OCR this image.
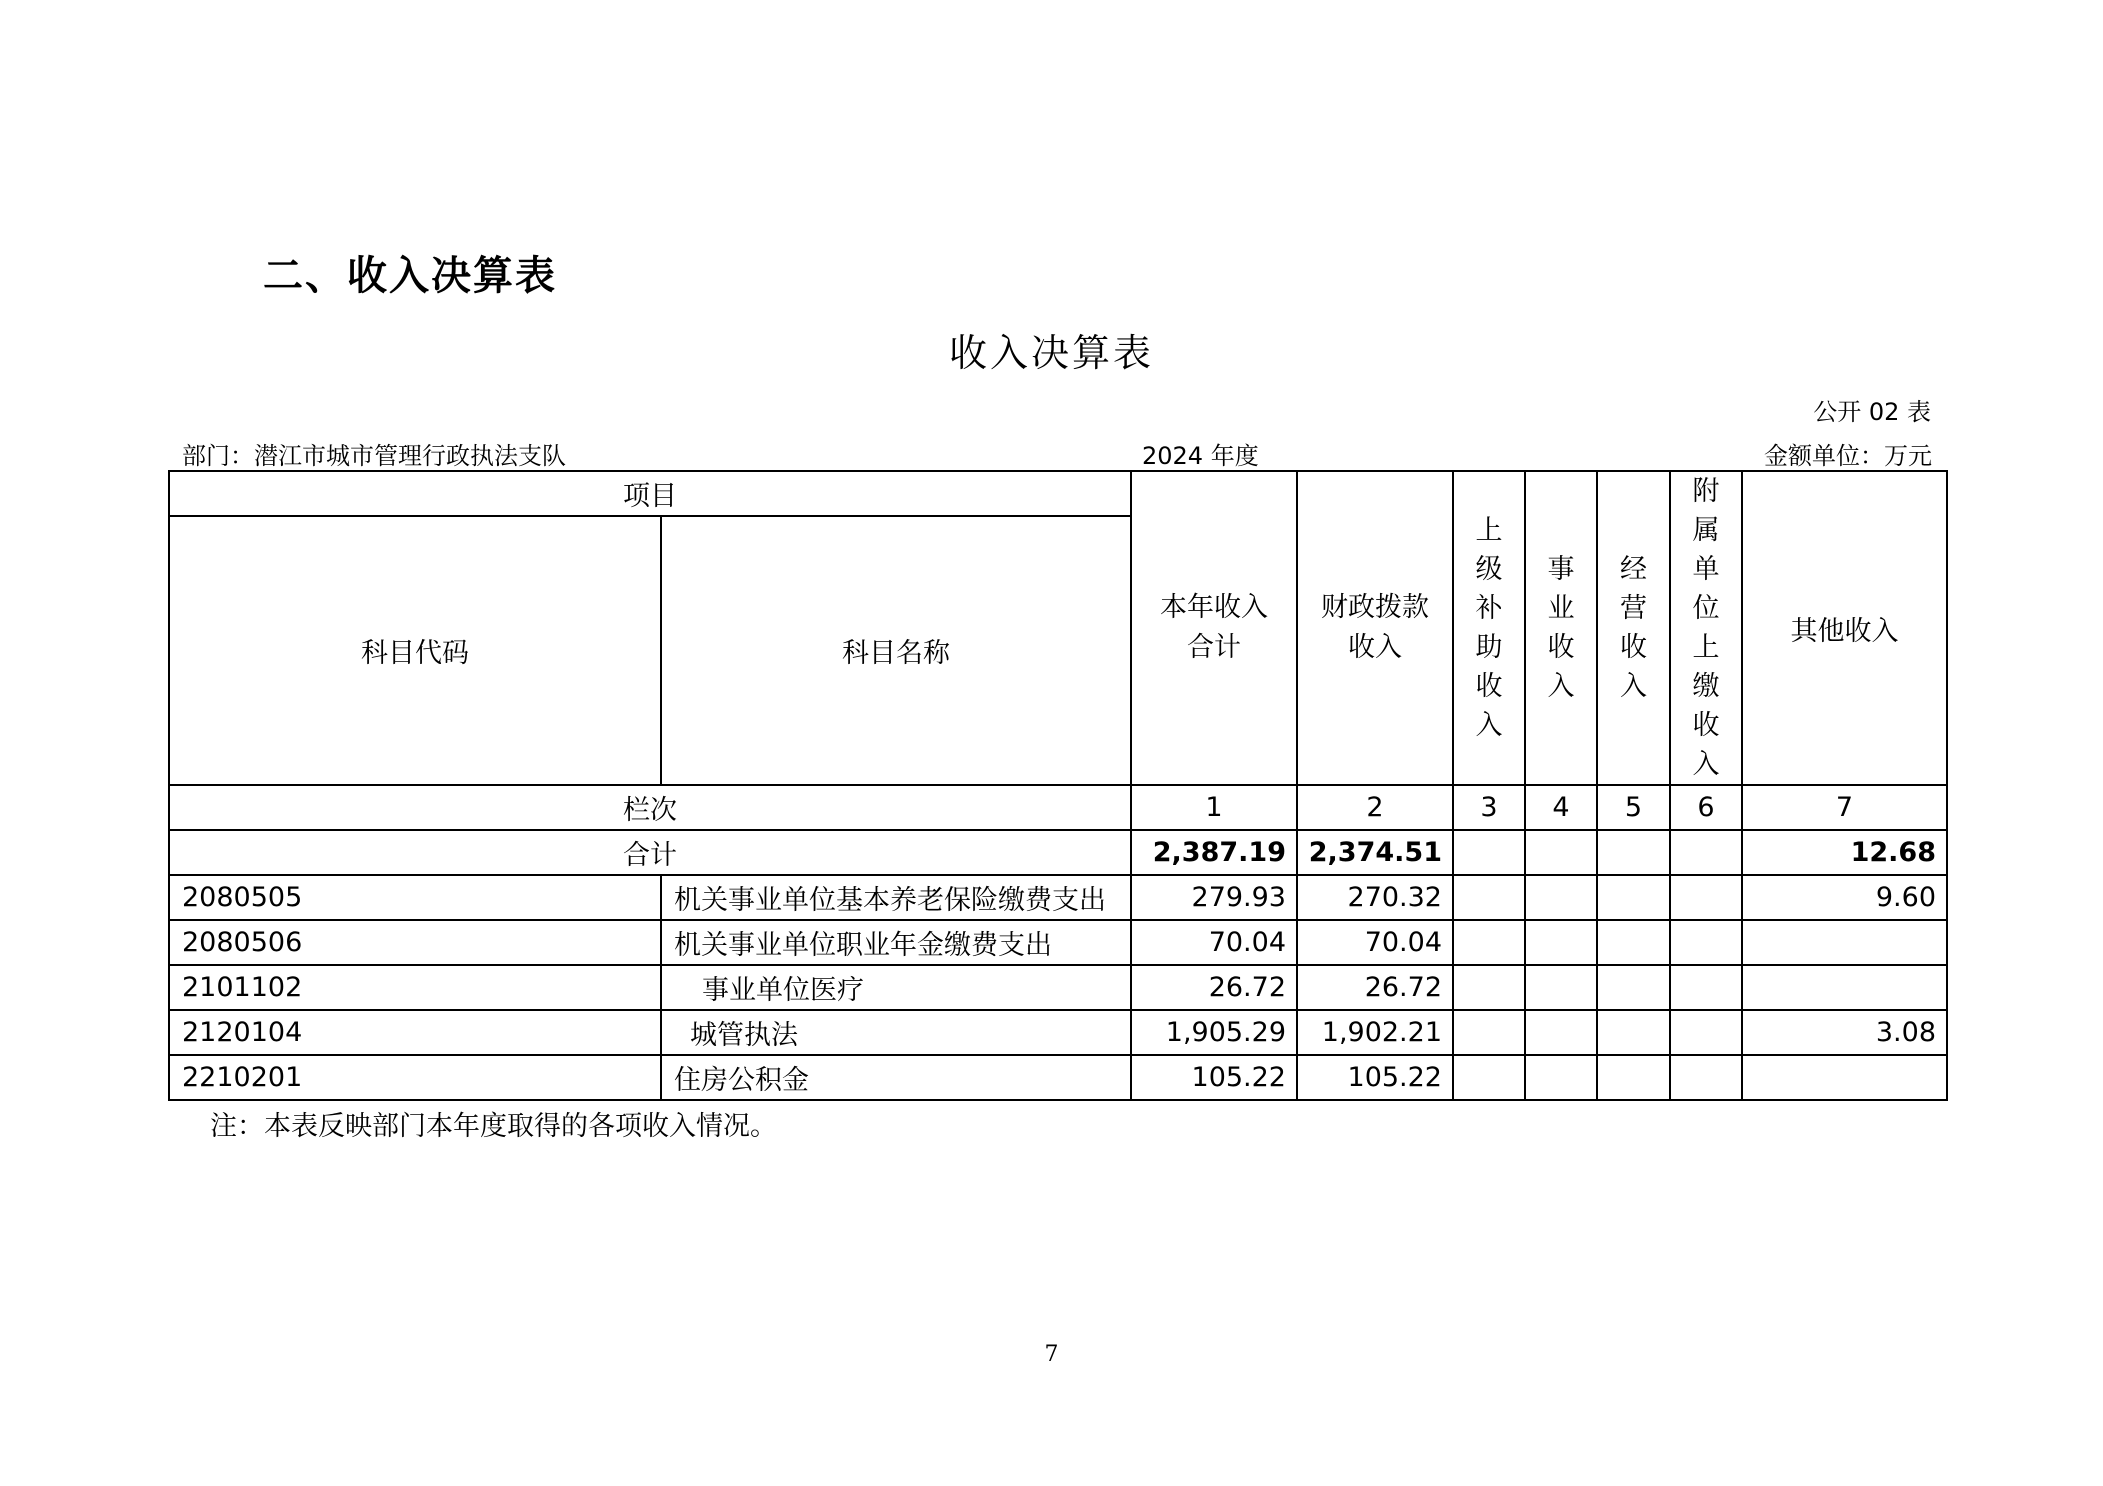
二、收入决算表
收入决算表
公开 02 表
部门：潜江市城市管理行政执法支队	2024 年度	金额单位：万元
项目		本年收入合计	财政拨款收入	上级补助收入	事业收入	经营收入	附属单位上缴收入	其他收入
科目代码	科目名称							
栏次		1	2	3	4	5	6	7
合计		2,387.19	2,374.51					12.68
2080505	机关事业单位基本养老保险缴费支出	279.93	270.32					9.60
2080506	机关事业单位职业年金缴费支出	70.04	70.04					
2101102	事业单位医疗	26.72	26.72					
2120104	城管执法	1,905.29	1,902.21					3.08
2210201	住房公积金	105.22	105.22					
注：本表反映部门本年度取得的各项收入情况。
7
